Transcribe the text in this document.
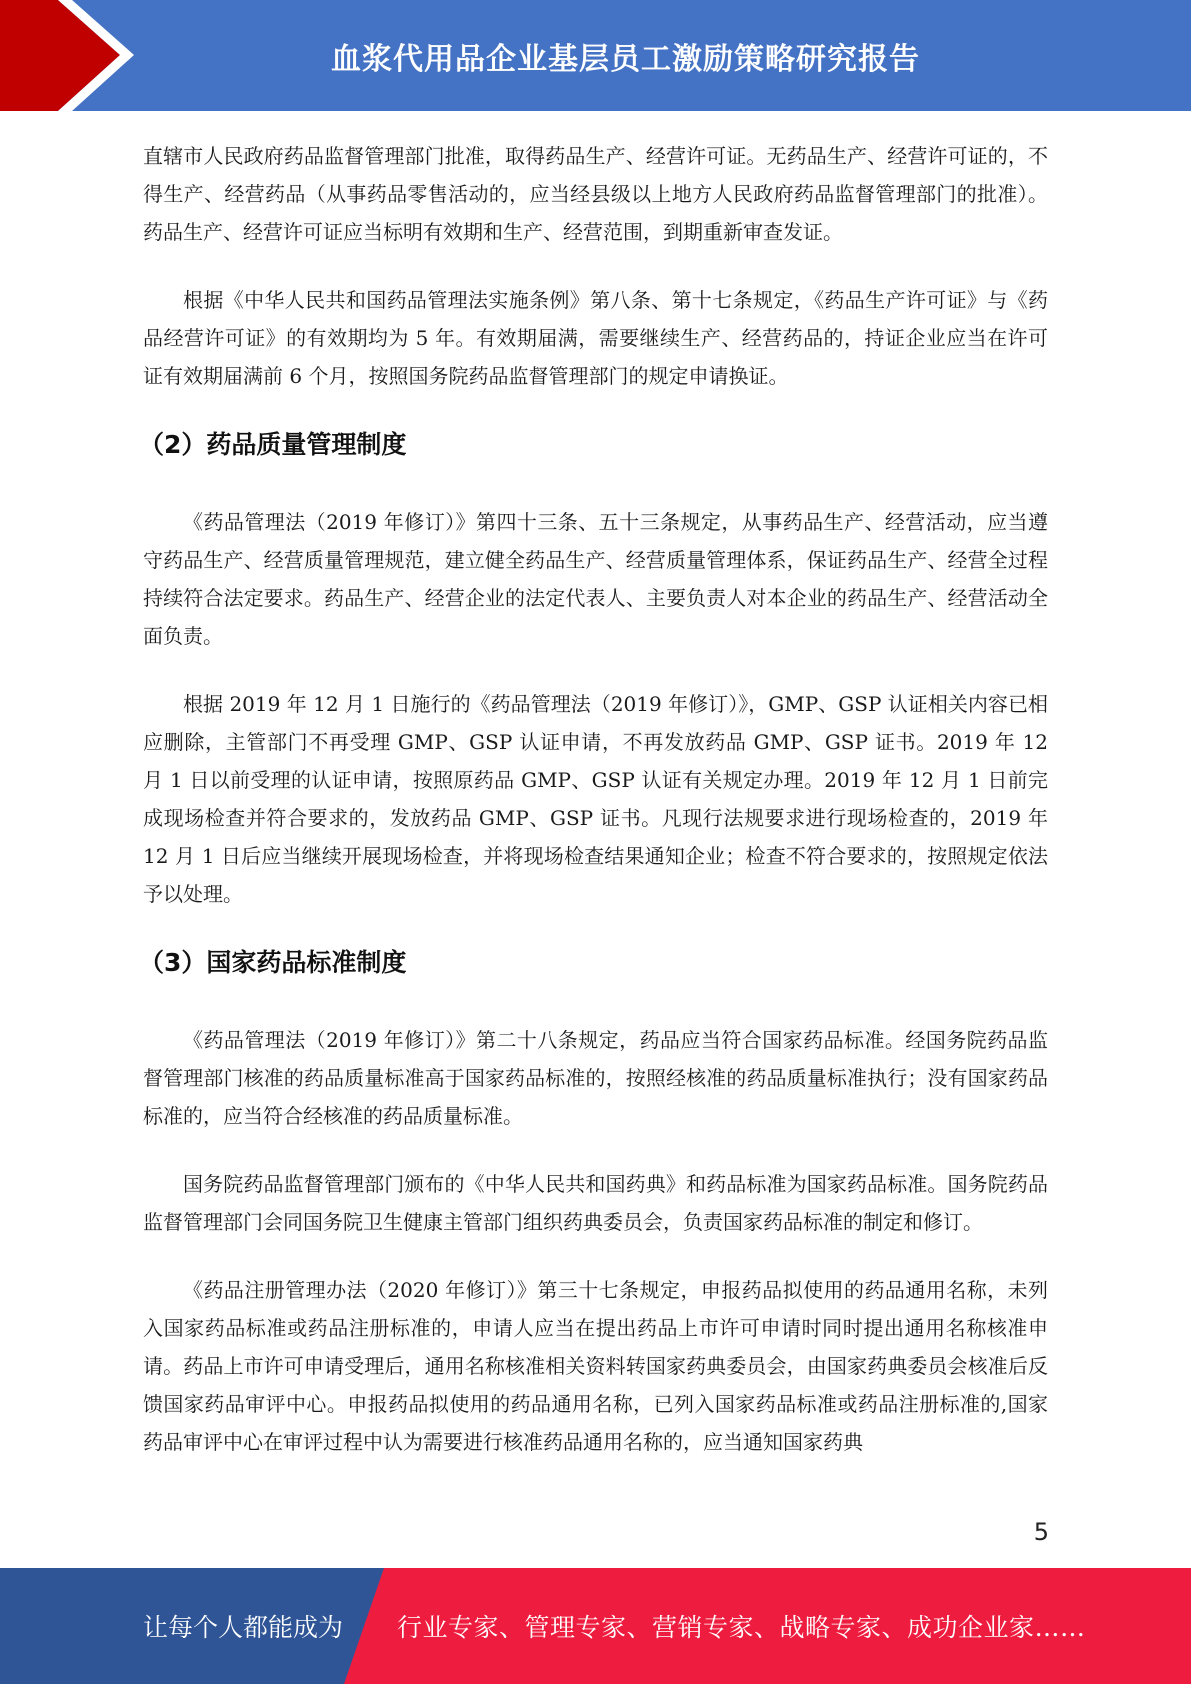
血浆代用品企业基层员工激励策略研究报告

直辖市人民政府药品监督管理部门批准，取得药品生产、经营许可证。无药品生产、经营许可证的，不得生产、经营药品（从事药品零售活动的，应当经县级以上地方人民政府药品监督管理部门的批准）。药品生产、经营许可证应当标明有效期和生产、经营范围，到期重新审查发证。

根据《中华人民共和国药品管理法实施条例》第八条、第十七条规定，《药品生产许可证》与《药品经营许可证》的有效期均为 5 年。有效期届满，需要继续生产、经营药品的，持证企业应当在许可证有效期届满前 6 个月，按照国务院药品监督管理部门的规定申请换证。

（2）药品质量管理制度

《药品管理法（2019 年修订）》第四十三条、五十三条规定，从事药品生产、经营活动，应当遵守药品生产、经营质量管理规范，建立健全药品生产、经营质量管理体系，保证药品生产、经营全过程持续符合法定要求。药品生产、经营企业的法定代表人、主要负责人对本企业的药品生产、经营活动全面负责。

根据 2019 年 12 月 1 日施行的《药品管理法（2019 年修订）》，GMP、GSP 认证相关内容已相应删除，主管部门不再受理 GMP、GSP 认证申请，不再发放药品 GMP、GSP 证书。2019 年 12 月 1 日以前受理的认证申请，按照原药品 GMP、GSP 认证有关规定办理。2019 年 12 月 1 日前完成现场检查并符合要求的，发放药品 GMP、GSP 证书。凡现行法规要求进行现场检查的，2019 年 12 月 1 日后应当继续开展现场检查，并将现场检查结果通知企业；检查不符合要求的，按照规定依法予以处理。

（3）国家药品标准制度

《药品管理法（2019 年修订）》第二十八条规定，药品应当符合国家药品标准。经国务院药品监督管理部门核准的药品质量标准高于国家药品标准的，按照经核准的药品质量标准执行；没有国家药品标准的，应当符合经核准的药品质量标准。

国务院药品监督管理部门颁布的《中华人民共和国药典》和药品标准为国家药品标准。国务院药品监督管理部门会同国务院卫生健康主管部门组织药典委员会，负责国家药品标准的制定和修订。

《药品注册管理办法（2020 年修订）》第三十七条规定，申报药品拟使用的药品通用名称，未列入国家药品标准或药品注册标准的，申请人应当在提出药品上市许可申请时同时提出通用名称核准申请。药品上市许可申请受理后，通用名称核准相关资料转国家药典委员会，由国家药典委员会核准后反馈国家药品审评中心。申报药品拟使用的药品通用名称，已列入国家药品标准或药品注册标准的,国家药品审评中心在审评过程中认为需要进行核准药品通用名称的，应当通知国家药典

5
让每个人都能成为 行业专家、管理专家、营销专家、战略专家、成功企业家……
